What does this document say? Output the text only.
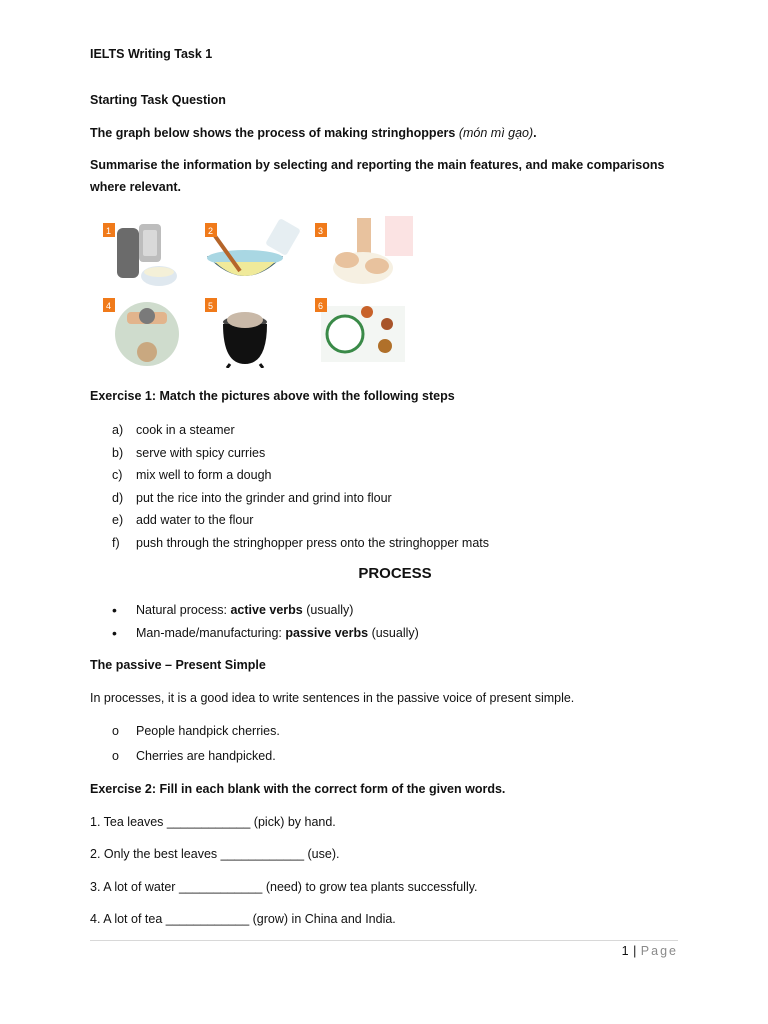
IELTS Writing Task 1
Starting Task Question
The graph below shows the process of making stringhoppers (món mì gạo).
Summarise the information by selecting and reporting the main features, and make comparisons where relevant.
1	2	3
4	5	6
Exercise 1: Match the pictures above with the following steps
a)	cook in a steamer
b)	serve with spicy curries
c)	mix well to form a dough
d)	put the rice into the grinder and grind into flour
e)	add water to the flour
f)	push through the stringhopper press onto the stringhopper mats
PROCESS
•	Natural process: active verbs (usually)
•	Man-made/manufacturing: passive verbs (usually)
The passive – Present Simple
In processes, it is a good idea to write sentences in the passive voice of present simple.
o	People handpick cherries.
o	Cherries are handpicked.
Exercise 2: Fill in each blank with the correct form of the given words.
1. Tea leaves ____________ (pick) by hand.
2. Only the best leaves ____________ (use).
3. A lot of water ____________ (need) to grow tea plants successfully.
4. A lot of tea ____________ (grow) in China and India.
1 | Page
